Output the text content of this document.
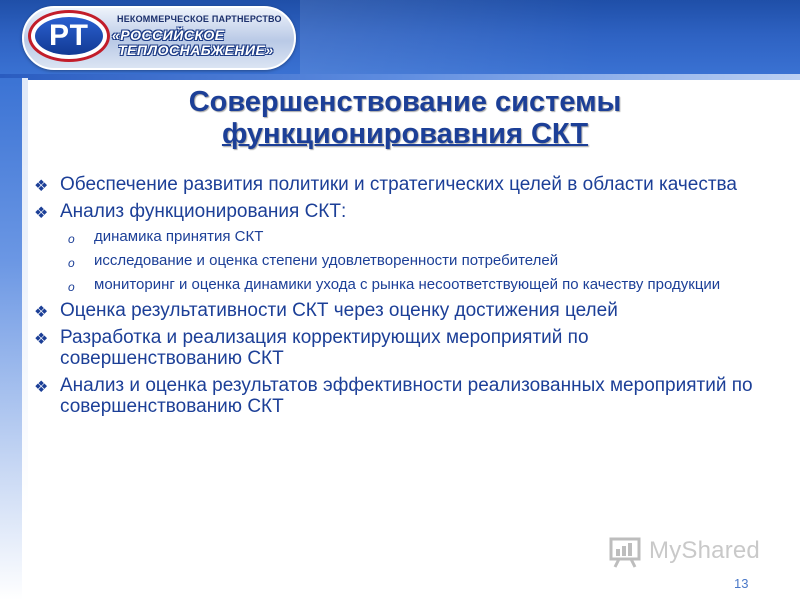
РТ	НЕКОММЕРЧЕСКОЕ ПАРТНЕРСТВО
«РОССИЙСКОЕ
ТЕПЛОСНАБЖЕНИЕ»
Совершенствование системы
функционировавния СКТ
❖ Обеспечение развития политики и стратегических целей в области качества
❖ Анализ функционирования СКТ:
o динамика принятия СКТ
o исследование и оценка степени удовлетворенности потребителей
o мониторинг и оценка динамики ухода с рынка несоответствующей по качеству продукции
❖ Оценка результативности СКТ через оценку достижения целей
❖ Разработка и реализация корректирующих мероприятий по совершенствованию СКТ
❖ Анализ и оценка результатов эффективности реализованных мероприятий по совершенствованию СКТ
MyShared
13
